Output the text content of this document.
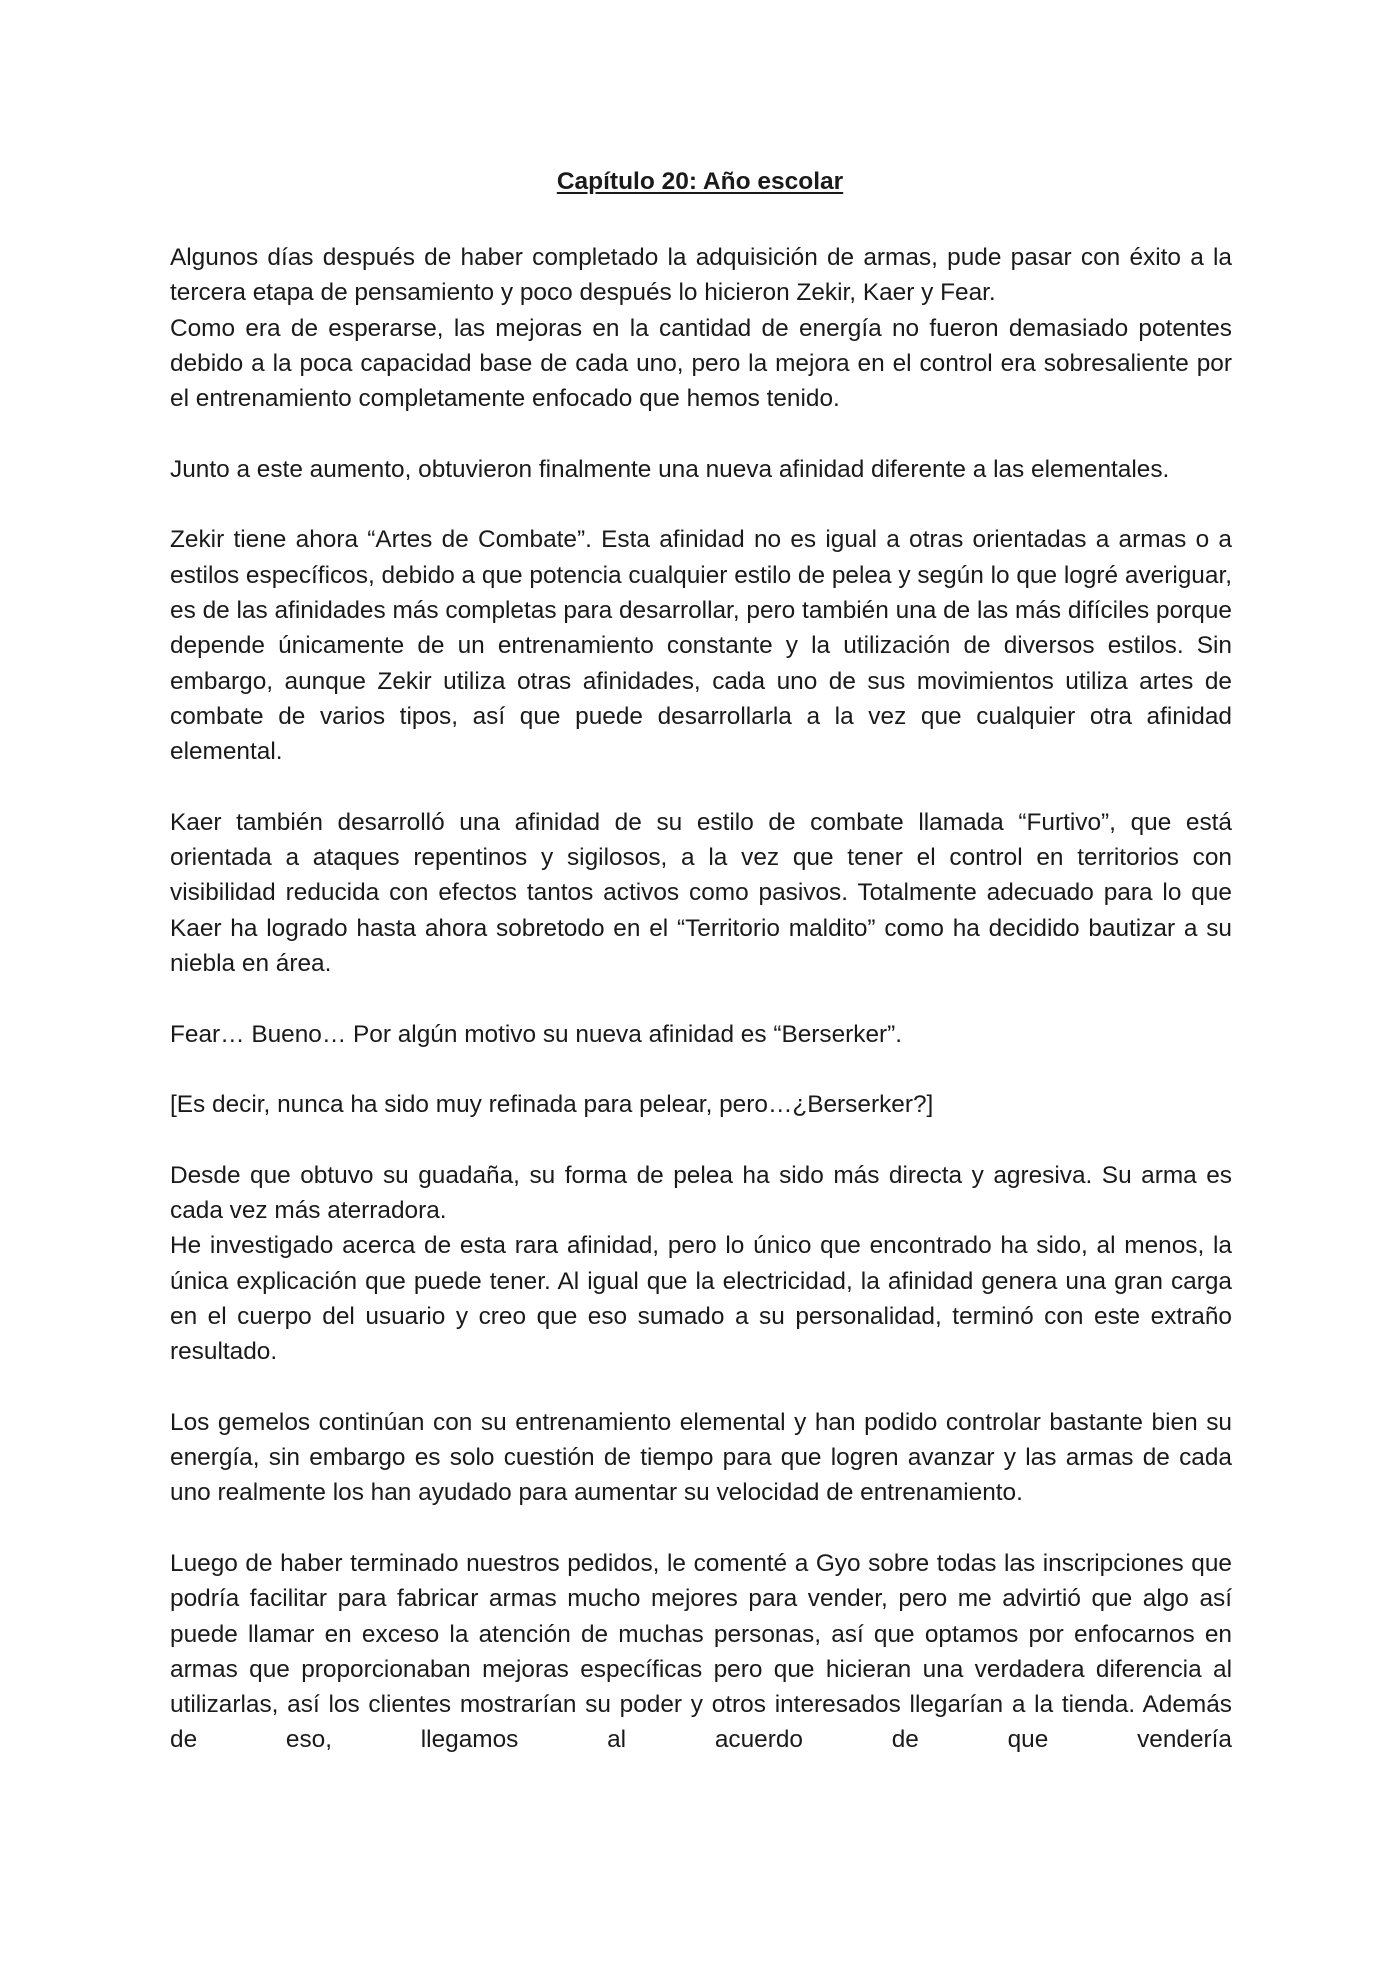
Capítulo 20: Año escolar

Algunos días después de haber completado la adquisición de armas, pude pasar con éxito a la tercera etapa de pensamiento y poco después lo hicieron Zekir, Kaer y Fear.

Como era de esperarse, las mejoras en la cantidad de energía no fueron demasiado potentes debido a la poca capacidad base de cada uno, pero la mejora en el control era sobresaliente por el entrenamiento completamente enfocado que hemos tenido.

Junto a este aumento, obtuvieron finalmente una nueva afinidad diferente a las elementales.

Zekir tiene ahora “Artes de Combate”. Esta afinidad no es igual a otras orientadas a armas o a estilos específicos, debido a que potencia cualquier estilo de pelea y según lo que logré averiguar, es de las afinidades más completas para desarrollar, pero también una de las más difíciles porque depende únicamente de un entrenamiento constante y la utilización de diversos estilos. Sin embargo, aunque Zekir utiliza otras afinidades, cada uno de sus movimientos utiliza artes de combate de varios tipos, así que puede desarrollarla a la vez que cualquier otra afinidad elemental.

Kaer también desarrolló una afinidad de su estilo de combate llamada “Furtivo”, que está orientada a ataques repentinos y sigilosos, a la vez que tener el control en territorios con visibilidad reducida con efectos tantos activos como pasivos. Totalmente adecuado para lo que Kaer ha logrado hasta ahora sobretodo en el “Territorio maldito” como ha decidido bautizar a su niebla en área.

Fear… Bueno… Por algún motivo su nueva afinidad es “Berserker”.

[Es decir, nunca ha sido muy refinada para pelear, pero…¿Berserker?]

Desde que obtuvo su guadaña, su forma de pelea ha sido más directa y agresiva. Su arma es cada vez más aterradora.

He investigado acerca de esta rara afinidad, pero lo único que encontrado ha sido, al menos, la única explicación que puede tener. Al igual que la electricidad, la afinidad genera una gran carga en el cuerpo del usuario y creo que eso sumado a su personalidad, terminó con este extraño resultado.

Los gemelos continúan con su entrenamiento elemental y han podido controlar bastante bien su energía, sin embargo es solo cuestión de tiempo para que logren avanzar y las armas de cada uno realmente los han ayudado para aumentar su velocidad de entrenamiento.

Luego de haber terminado nuestros pedidos, le comenté a Gyo sobre todas las inscripciones que podría facilitar para fabricar armas mucho mejores para vender, pero me advirtió que algo así puede llamar en exceso la atención de muchas personas, así que optamos por enfocarnos en armas que proporcionaban mejoras específicas pero que hicieran una verdadera diferencia al utilizarlas, así los clientes mostrarían su poder y otros interesados llegarían a la tienda. Además de eso, llegamos al acuerdo de que vendería
